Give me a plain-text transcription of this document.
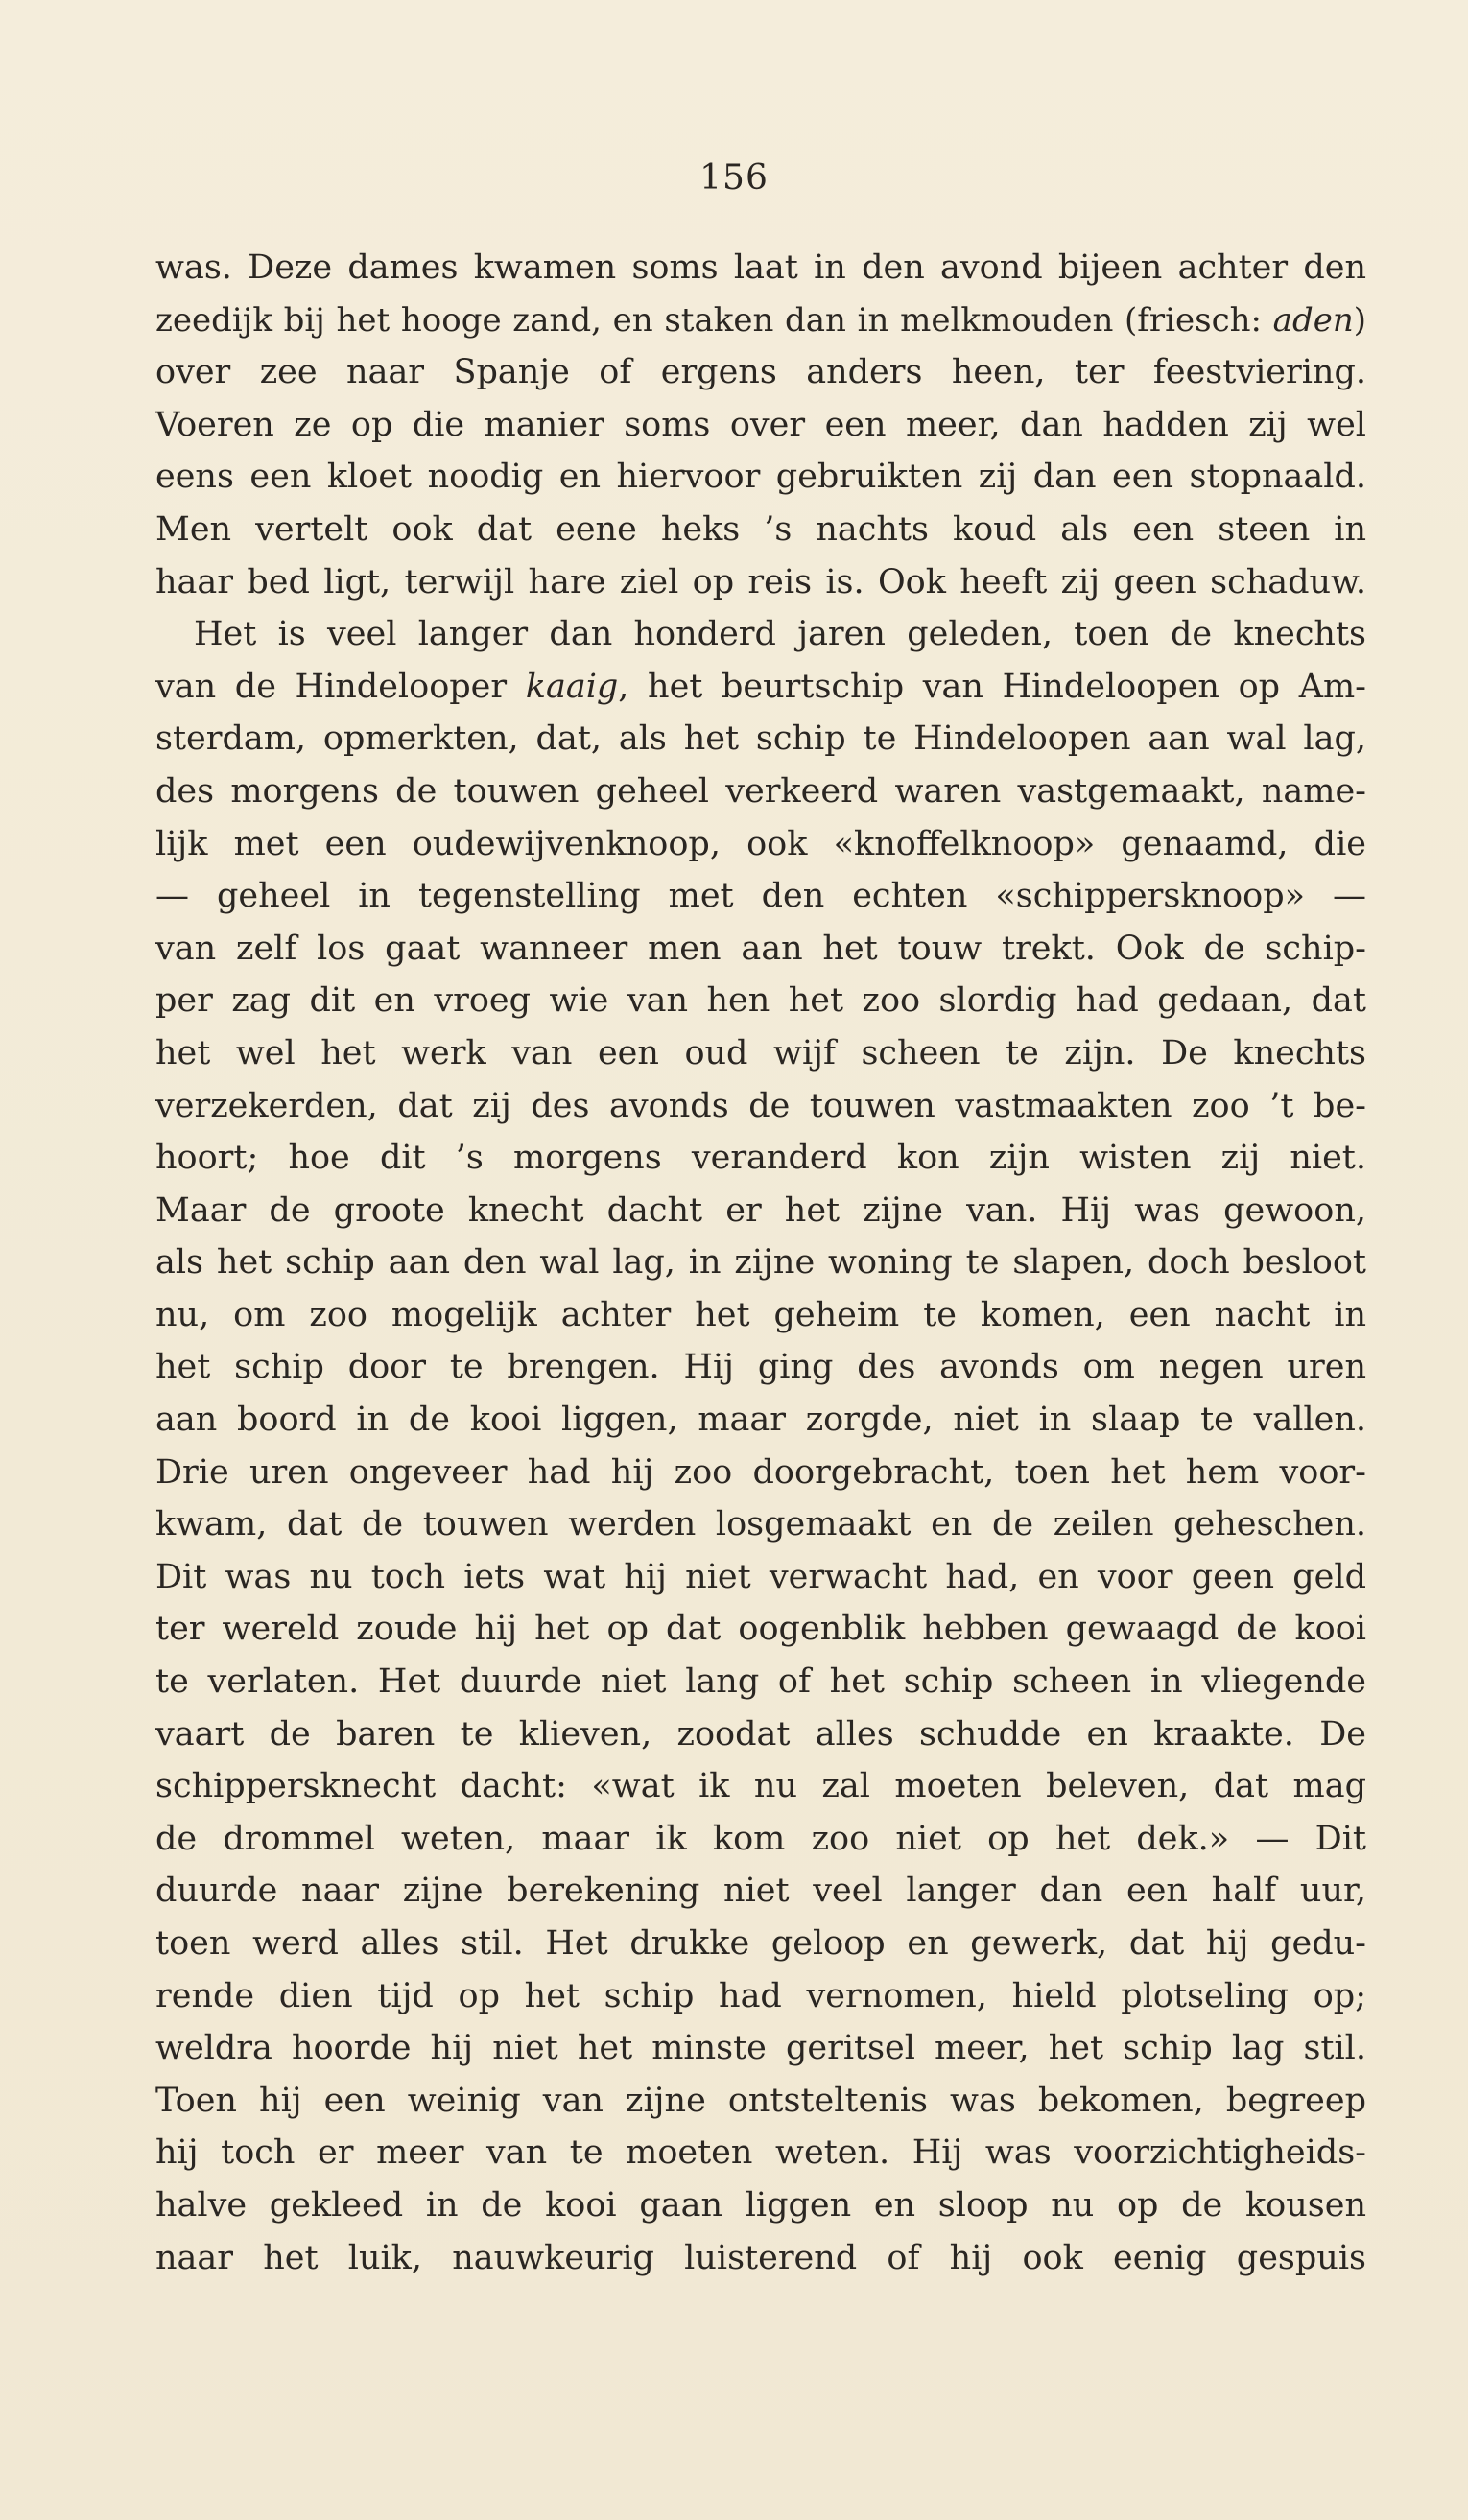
156
was. Deze dames kwamen soms laat in den avond bijeen achter den
zeedijk bij het hooge zand, en staken dan in melkmouden (friesch: aden)
over zee naar Spanje of ergens anders heen, ter feestviering.
Voeren ze op die manier soms over een meer, dan hadden zij wel
eens een kloet noodig en hiervoor gebruikten zij dan een stopnaald.
Men vertelt ook dat eene heks ’s nachts koud als een steen in
haar bed ligt, terwijl hare ziel op reis is. Ook heeft zij geen schaduw.
Het is veel langer dan honderd jaren geleden, toen de knechts
van de Hindelooper kaaig, het beurtschip van Hindeloopen op Am-
sterdam, opmerkten, dat, als het schip te Hindeloopen aan wal lag,
des morgens de touwen geheel verkeerd waren vastgemaakt, name-
lijk met een oudewijvenknoop, ook «knoffelknoop» genaamd, die
— geheel in tegenstelling met den echten «schippersknoop» —
van zelf los gaat wanneer men aan het touw trekt. Ook de schip-
per zag dit en vroeg wie van hen het zoo slordig had gedaan, dat
het wel het werk van een oud wijf scheen te zijn. De knechts
verzekerden, dat zij des avonds de touwen vastmaakten zoo ’t be-
hoort; hoe dit ’s morgens veranderd kon zijn wisten zij niet.
Maar de groote knecht dacht er het zijne van. Hij was gewoon,
als het schip aan den wal lag, in zijne woning te slapen, doch besloot
nu, om zoo mogelijk achter het geheim te komen, een nacht in
het schip door te brengen. Hij ging des avonds om negen uren
aan boord in de kooi liggen, maar zorgde, niet in slaap te vallen.
Drie uren ongeveer had hij zoo doorgebracht, toen het hem voor-
kwam, dat de touwen werden losgemaakt en de zeilen geheschen.
Dit was nu toch iets wat hij niet verwacht had, en voor geen geld
ter wereld zoude hij het op dat oogenblik hebben gewaagd de kooi
te verlaten. Het duurde niet lang of het schip scheen in vliegende
vaart de baren te klieven, zoodat alles schudde en kraakte. De
schippersknecht dacht: «wat ik nu zal moeten beleven, dat mag
de drommel weten, maar ik kom zoo niet op het dek.» — Dit
duurde naar zijne berekening niet veel langer dan een half uur,
toen werd alles stil. Het drukke geloop en gewerk, dat hij gedu-
rende dien tijd op het schip had vernomen, hield plotseling op;
weldra hoorde hij niet het minste geritsel meer, het schip lag stil.
Toen hij een weinig van zijne ontsteltenis was bekomen, begreep
hij toch er meer van te moeten weten. Hij was voorzichtigheids-
halve gekleed in de kooi gaan liggen en sloop nu op de kousen
naar het luik, nauwkeurig luisterend of hij ook eenig gespuis
